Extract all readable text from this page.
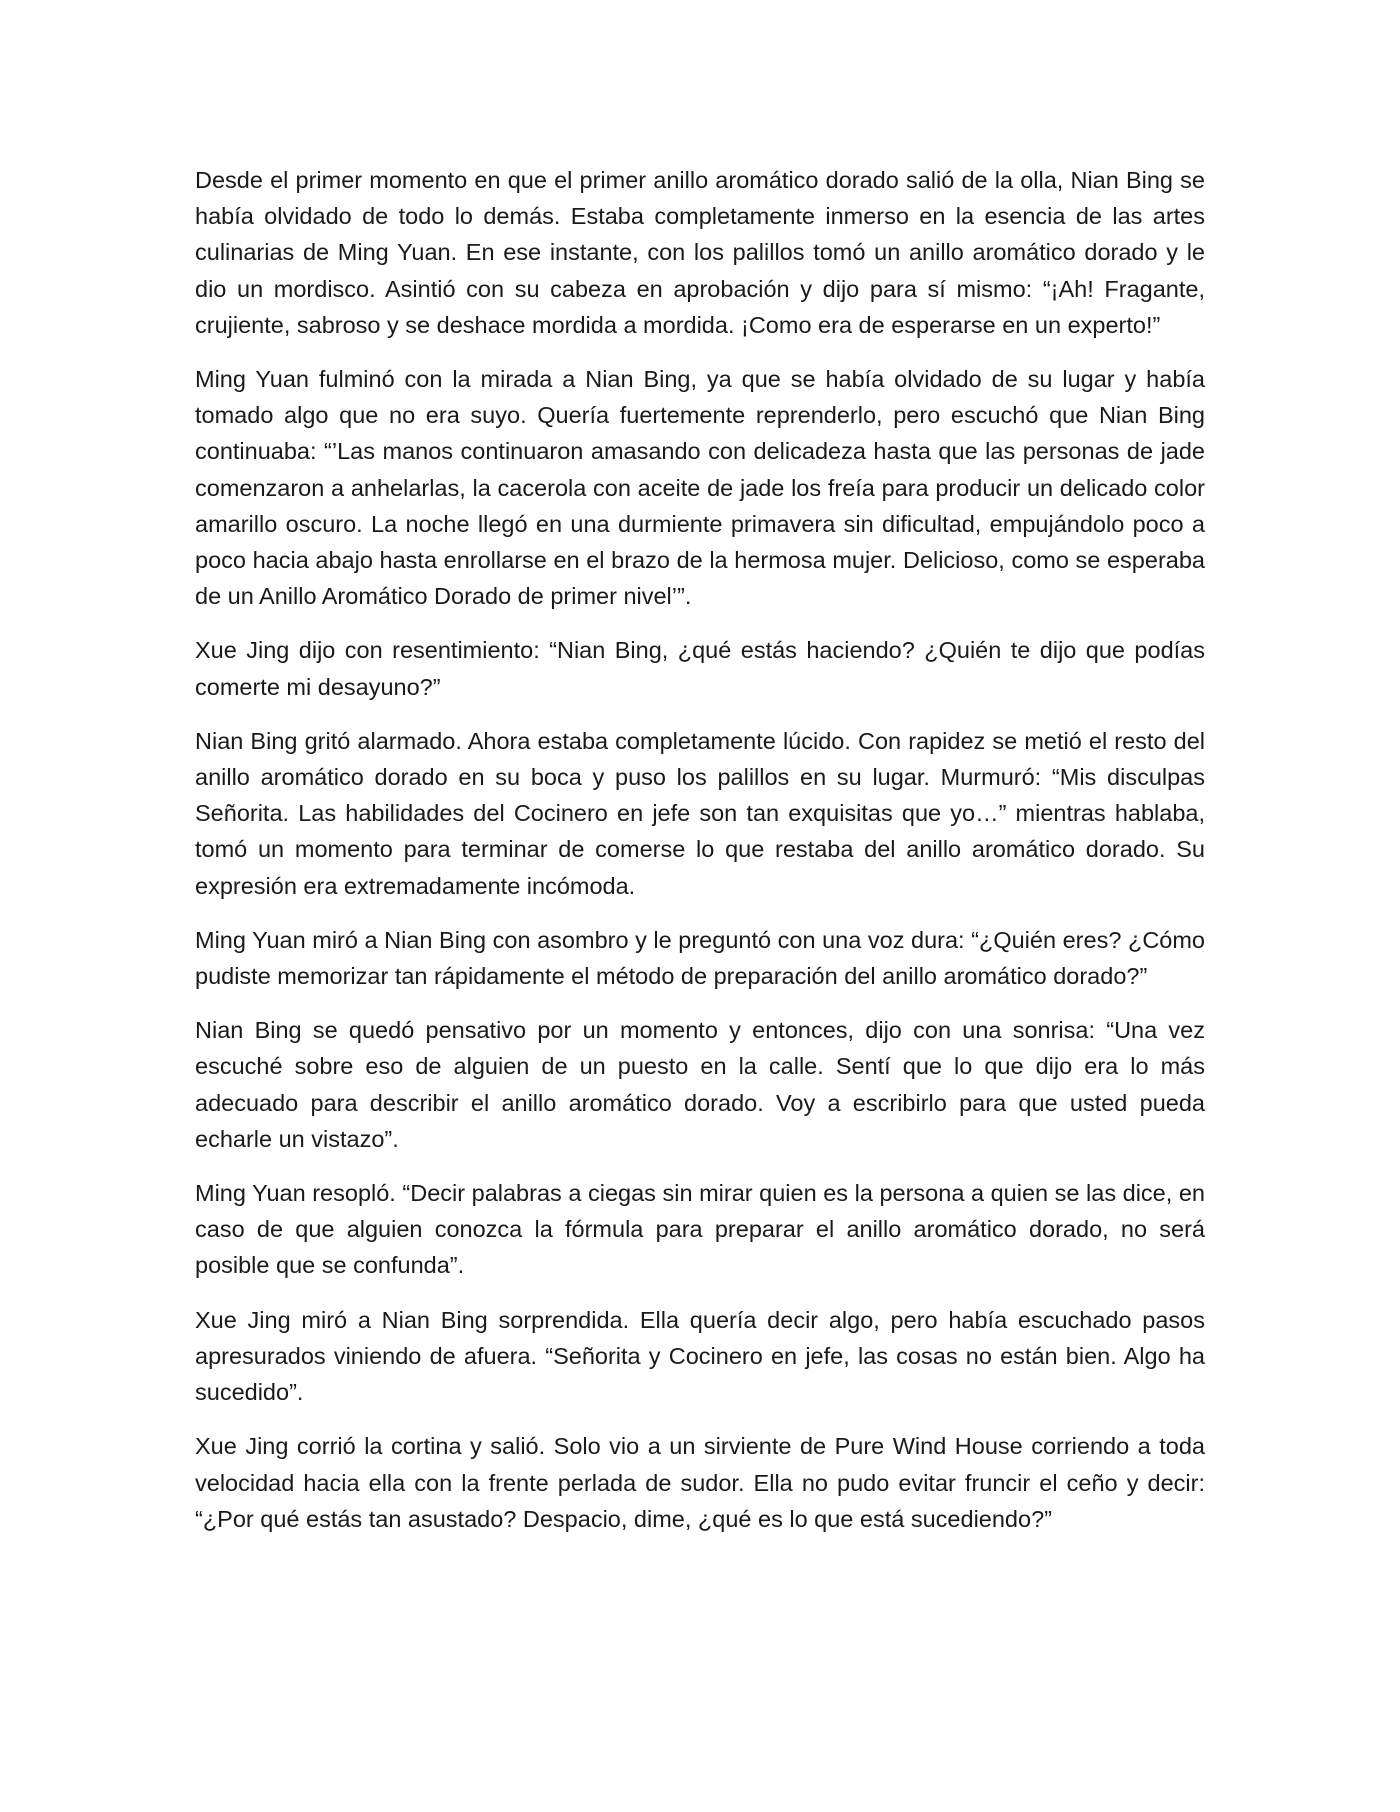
Desde el primer momento en que el primer anillo aromático dorado salió de la olla, Nian Bing se había olvidado de todo lo demás. Estaba completamente inmerso en la esencia de las artes culinarias de Ming Yuan. En ese instante, con los palillos tomó un anillo aromático dorado y le dio un mordisco. Asintió con su cabeza en aprobación y dijo para sí mismo: “¡Ah! Fragante, crujiente, sabroso y se deshace mordida a mordida. ¡Como era de esperarse en un experto!”

Ming Yuan fulminó con la mirada a Nian Bing, ya que se había olvidado de su lugar y había tomado algo que no era suyo. Quería fuertemente reprenderlo, pero escuchó que Nian Bing continuaba: “’Las manos continuaron amasando con delicadeza hasta que las personas de jade comenzaron a anhelarlas, la cacerola con aceite de jade los freía para producir un delicado color amarillo oscuro. La noche llegó en una durmiente primavera sin dificultad, empujándolo poco a poco hacia abajo hasta enrollarse en el brazo de la hermosa mujer. Delicioso, como se esperaba de un Anillo Aromático Dorado de primer nivel’”.

Xue Jing dijo con resentimiento: “Nian Bing, ¿qué estás haciendo? ¿Quién te dijo que podías comerte mi desayuno?”

Nian Bing gritó alarmado. Ahora estaba completamente lúcido. Con rapidez se metió el resto del anillo aromático dorado en su boca y puso los palillos en su lugar. Murmuró: “Mis disculpas Señorita. Las habilidades del Cocinero en jefe son tan exquisitas que yo…” mientras hablaba, tomó un momento para terminar de comerse lo que restaba del anillo aromático dorado. Su expresión era extremadamente incómoda.

Ming Yuan miró a Nian Bing con asombro y le preguntó con una voz dura: “¿Quién eres? ¿Cómo pudiste memorizar tan rápidamente el método de preparación del anillo aromático dorado?”

Nian Bing se quedó pensativo por un momento y entonces, dijo con una sonrisa: “Una vez escuché sobre eso de alguien de un puesto en la calle. Sentí que lo que dijo era lo más adecuado para describir el anillo aromático dorado. Voy a escribirlo para que usted pueda echarle un vistazo”.

Ming Yuan resopló. “Decir palabras a ciegas sin mirar quien es la persona a quien se las dice, en caso de que alguien conozca la fórmula para preparar el anillo aromático dorado, no será posible que se confunda”.

Xue Jing miró a Nian Bing sorprendida. Ella quería decir algo, pero había escuchado pasos apresurados viniendo de afuera. “Señorita y Cocinero en jefe, las cosas no están bien. Algo ha sucedido”.

Xue Jing corrió la cortina y salió. Solo vio a un sirviente de Pure Wind House corriendo a toda velocidad hacia ella con la frente perlada de sudor. Ella no pudo evitar fruncir el ceño y decir: “¿Por qué estás tan asustado? Despacio, dime, ¿qué es lo que está sucediendo?”
